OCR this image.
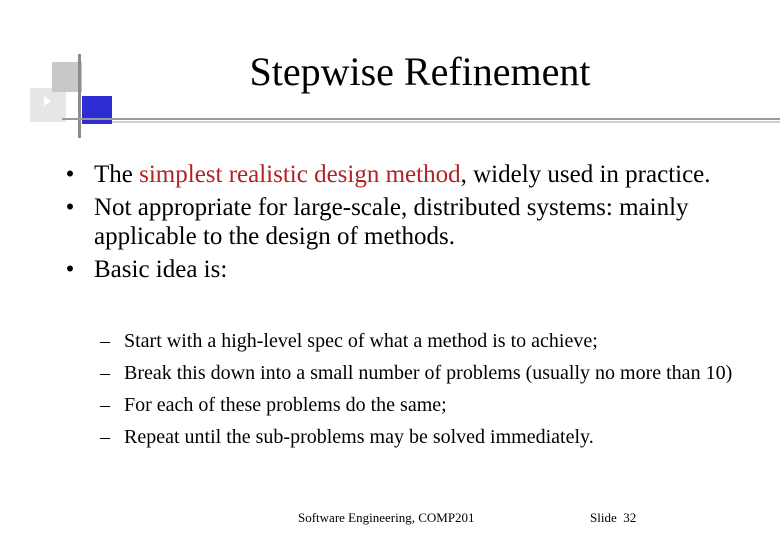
Stepwise Refinement
• The simplest realistic design method, widely used in practice.
• Not appropriate for large-scale, distributed systems: mainly applicable to the design of methods.
• Basic idea is:
– Start with a high-level spec of what a method is to achieve;
– Break this down into a small number of problems (usually no more than 10)
– For each of these problems do the same;
– Repeat until the sub-problems may be solved immediately.
Software Engineering, COMP201	Slide 32
